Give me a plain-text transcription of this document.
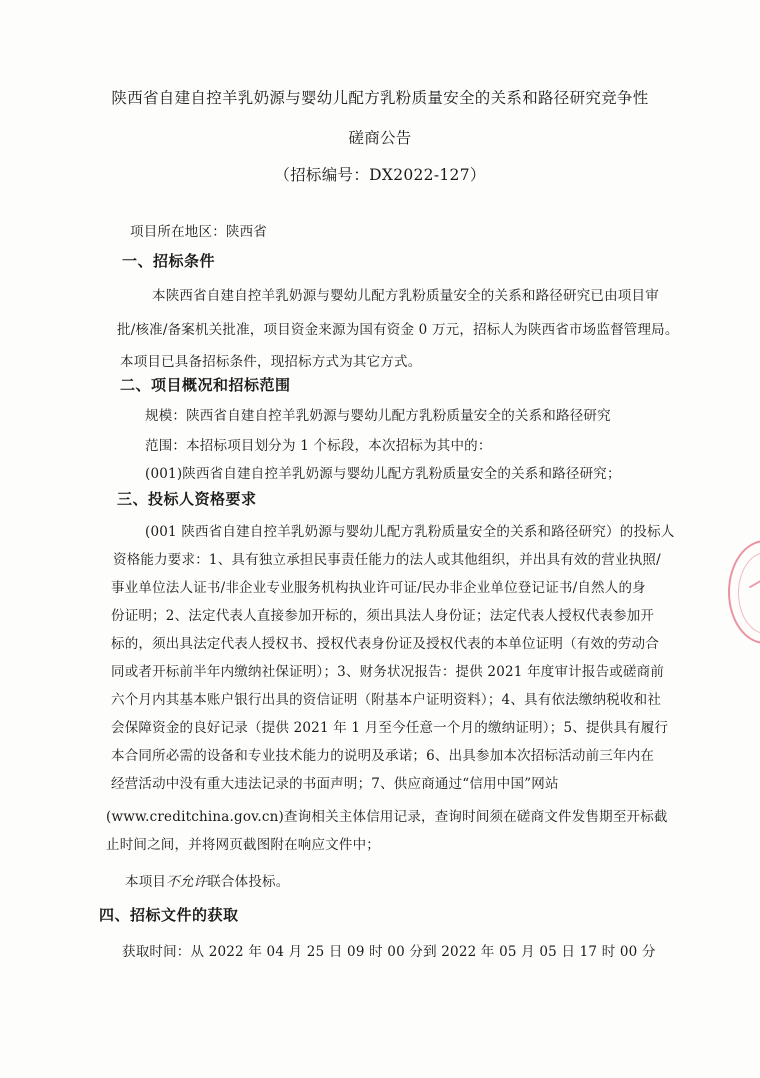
陕西省自建自控羊乳奶源与婴幼儿配方乳粉质量安全的关系和路径研究竞争性
磋商公告
（招标编号：DX2022-127）
项目所在地区：陕西省
一、招标条件
本陕西省自建自控羊乳奶源与婴幼儿配方乳粉质量安全的关系和路径研究已由项目审
批/核准/备案机关批准，项目资金来源为国有资金 0 万元，招标人为陕西省市场监督管理局。
本项目已具备招标条件，现招标方式为其它方式。
二、项目概况和招标范围
规模：陕西省自建自控羊乳奶源与婴幼儿配方乳粉质量安全的关系和路径研究
范围：本招标项目划分为 1 个标段，本次招标为其中的：
(001)陕西省自建自控羊乳奶源与婴幼儿配方乳粉质量安全的关系和路径研究；
三、投标人资格要求
(001 陕西省自建自控羊乳奶源与婴幼儿配方乳粉质量安全的关系和路径研究）的投标人
资格能力要求：1、具有独立承担民事责任能力的法人或其他组织，并出具有效的营业执照/
事业单位法人证书/非企业专业服务机构执业许可证/民办非企业单位登记证书/自然人的身
份证明；2、法定代表人直接参加开标的，须出具法人身份证；法定代表人授权代表参加开
标的，须出具法定代表人授权书、授权代表身份证及授权代表的本单位证明（有效的劳动合
同或者开标前半年内缴纳社保证明）；3、财务状况报告：提供 2021 年度审计报告或磋商前
六个月内其基本账户银行出具的资信证明（附基本户证明资料）；4、具有依法缴纳税收和社
会保障资金的良好记录（提供 2021 年 1 月至今任意一个月的缴纳证明）；5、提供具有履行
本合同所必需的设备和专业技术能力的说明及承诺；6、出具参加本次招标活动前三年内在
经营活动中没有重大违法记录的书面声明；7、供应商通过“信用中国”网站
(www.creditchina.gov.cn)查询相关主体信用记录，查询时间须在磋商文件发售期至开标截
止时间之间，并将网页截图附在响应文件中；
本项目不允许联合体投标。
四、招标文件的获取
获取时间：从 2022 年 04 月 25 日 09 时 00 分到 2022 年 05 月 05 日 17 时 00 分
